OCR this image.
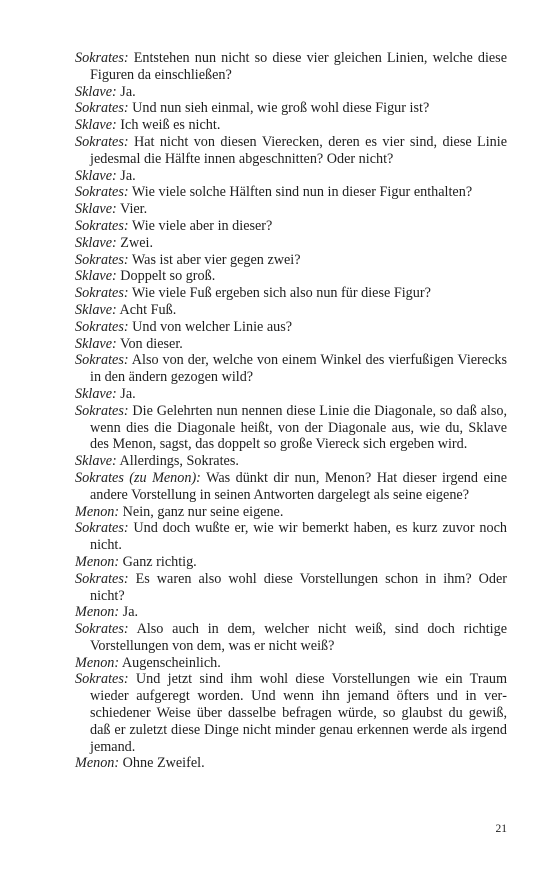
Sokrates: Entstehen nun nicht so diese vier gleichen Linien, welche diese Figuren da einschließen?

Sklave: Ja.

Sokrates: Und nun sieh einmal, wie groß wohl diese Figur ist?

Sklave: Ich weiß es nicht.

Sokrates: Hat nicht von diesen Vierecken, deren es vier sind, diese Linie jedesmal die Hälfte innen abgeschnitten? Oder nicht?

Sklave: Ja.

Sokrates: Wie viele solche Hälften sind nun in dieser Figur enthalten?

Sklave: Vier.

Sokrates: Wie viele aber in dieser?

Sklave: Zwei.

Sokrates: Was ist aber vier gegen zwei?

Sklave: Doppelt so groß.

Sokrates: Wie viele Fuß ergeben sich also nun für diese Figur?

Sklave: Acht Fuß.

Sokrates: Und von welcher Linie aus?

Sklave: Von dieser.

Sokrates: Also von der, welche von einem Winkel des vierfußigen Vierecks in den ändern gezogen wild?

Sklave: Ja.

Sokrates: Die Gelehrten nun nennen diese Linie die Diagonale, so daß also, wenn dies die Diagonale heißt, von der Diagonale aus, wie du, Sklave des Menon, sagst, das doppelt so große Viereck sich ergeben wird.

Sklave: Allerdings, Sokrates.

Sokrates (zu Menon): Was dünkt dir nun, Menon? Hat dieser irgend eine andere Vorstellung in seinen Antworten dargelegt als seine eigene?

Menon: Nein, ganz nur seine eigene.

Sokrates: Und doch wußte er, wie wir bemerkt haben, es kurz zuvor noch nicht.

Menon: Ganz richtig.

Sokrates: Es waren also wohl diese Vorstellungen schon in ihm? Oder nicht?

Menon: Ja.

Sokrates: Also auch in dem, welcher nicht weiß, sind doch richtige Vorstellungen von dem, was er nicht weiß?

Menon: Augenscheinlich.

Sokrates: Und jetzt sind ihm wohl diese Vorstellungen wie ein Traum wieder aufgeregt worden. Und wenn ihn jemand öfters und in verschiedener Weise über dasselbe befragen würde, so glaubst du gewiß, daß er zuletzt diese Dinge nicht minder genau erkennen werde als irgend jemand.

Menon: Ohne Zweifel.

21
